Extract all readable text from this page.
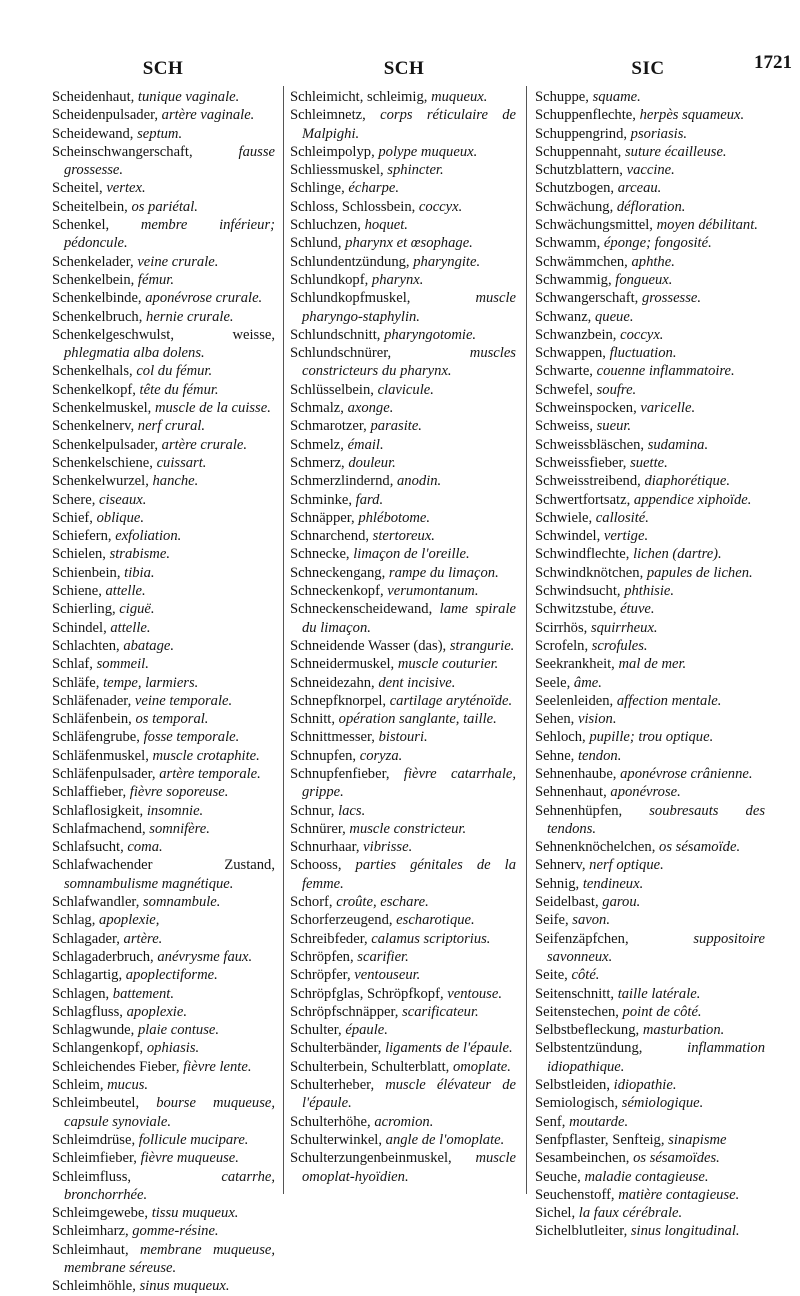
SCH	SCH	SIC	1721
Scheidenhaut, tunique vaginale.
Scheidenpulsader, artère vaginale.
Scheidewand, septum.
Scheinschwangerschaft, fausse grossesse.
Scheitel, vertex.
Scheitelbein, os pariétal.
Schenkel, membre inférieur; pédoncule.
Schenkelader, veine crurale.
Schenkelbein, fémur.
Schenkelbinde, aponévrose crurale.
Schenkelbruch, hernie crurale.
Schenkelgeschwulst, weisse, phlegmatia alba dolens.
Schenkelhals, col du fémur.
Schenkelkopf, tête du fémur.
Schenkelmuskel, muscle de la cuisse.
Schenkelnerv, nerf crural.
Schenkelpulsader, artère crurale.
Schenkelschiene, cuissart.
Schenkelwurzel, hanche.
Schere, ciseaux.
Schief, oblique.
Schiefern, exfoliation.
Schielen, strabisme.
Schienbein, tibia.
Schiene, attelle.
Schierling, ciguë.
Schindel, attelle.
Schlachten, abatage.
Schlaf, sommeil.
Schläfe, tempe, larmiers.
Schläfenader, veine temporale.
Schläfenbein, os temporal.
Schläfengrube, fosse temporale.
Schläfenmuskel, muscle crotaphite.
Schläfenpulsader, artère temporale.
Schlaffieber, fièvre soporeuse.
Schlaflosigkeit, insomnie.
Schlafmachend, somnifère.
Schlafsucht, coma.
Schlafwachender Zustand, somnambulisme magnétique.
Schlafwandler, somnambule.
Schlag, apoplexie,
Schlagader, artère.
Schlagaderbruch, anévrysme faux.
Schlagartig, apoplectiforme.
Schlagen, battement.
Schlagfluss, apoplexie.
Schlagwunde, plaie contuse.
Schlangenkopf, ophiasis.
Schleichendes Fieber, fièvre lente.
Schleim, mucus.
Schleimbeutel, bourse muqueuse, capsule synoviale.
Schleimdrüse, follicule mucipare.
Schleimfieber, fièvre muqueuse.
Schleimfluss, catarrhe, bronchorrhée.
Schleimgewebe, tissu muqueux.
Schleimharz, gomme-résine.
Schleimhaut, membrane muqueuse, membrane séreuse.
Schleimhöhle, sinus muqueux.
Schleimicht, schleimig, muqueux.
Schleimnetz, corps réticulaire de Malpighi.
Schleimpolyp, polype muqueux.
Schliessmuskel, sphincter.
Schlinge, écharpe.
Schloss, Schlossbein, coccyx.
Schluchzen, hoquet.
Schlund, pharynx et œsophage.
Schlundentzündung, pharyngite.
Schlundkopf, pharynx.
Schlundkopfmuskel, muscle pharyngo-staphylin.
Schlundschnitt, pharyngotomie.
Schlundschnürer, muscles constricteurs du pharynx.
Schlüsselbein, clavicule.
Schmalz, axonge.
Schmarotzer, parasite.
Schmelz, émail.
Schmerz, douleur.
Schmerzlindernd, anodin.
Schminke, fard.
Schnäpper, phlébotome.
Schnarchend, stertoreux.
Schnecke, limaçon de l'oreille.
Schneckengang, rampe du limaçon.
Schneckenkopf, verumontanum.
Schneckenscheidewand, lame spirale du limaçon.
Schneidende Wasser (das), strangurie.
Schneidermuskel, muscle couturier.
Schneidezahn, dent incisive.
Schnepfknorpel, cartilage aryténoïde.
Schnitt, opération sanglante, taille.
Schnittmesser, bistouri.
Schnupfen, coryza.
Schnupfenfieber, fièvre catarrhale, grippe.
Schnur, lacs.
Schnürer, muscle constricteur.
Schnurhaar, vibrisse.
Schooss, parties génitales de la femme.
Schorf, croûte, eschare.
Schorferzeugend, escharotique.
Schreibfeder, calamus scriptorius.
Schröpfen, scarifier.
Schröpfer, ventouseur.
Schröpfglas, Schröpfkopf, ventouse.
Schröpfschnäpper, scarificateur.
Schulter, épaule.
Schulterbänder, ligaments de l'épaule.
Schulterbein, Schulterblatt, omoplate.
Schulterheber, muscle élévateur de l'épaule.
Schulterhöhe, acromion.
Schulterwinkel, angle de l'omoplate.
Schulterzungenbeinmuskel, muscle omoplat-hyoïdien.
Schuppe, squame.
Schuppenflechte, herpès squameux.
Schuppengrind, psoriasis.
Schuppennaht, suture écailleuse.
Schutzblattern, vaccine.
Schutzbogen, arceau.
Schwächung, défloration.
Schwächungsmittel, moyen débilitant.
Schwamm, éponge; fongosité.
Schwämmchen, aphthe.
Schwammig, fongueux.
Schwangerschaft, grossesse.
Schwanz, queue.
Schwanzbein, coccyx.
Schwappen, fluctuation.
Schwarte, couenne inflammatoire.
Schwefel, soufre.
Schweinspocken, varicelle.
Schweiss, sueur.
Schweissbläschen, sudamina.
Schweissfieber, suette.
Schweisstreibend, diaphorétique.
Schwertfortsatz, appendice xiphoïde.
Schwiele, callosité.
Schwindel, vertige.
Schwindflechte, lichen (dartre).
Schwindknötchen, papules de lichen.
Schwindsucht, phthisie.
Schwitzstube, étuve.
Scirrhös, squirrheux.
Scrofeln, scrofules.
Seekrankheit, mal de mer.
Seele, âme.
Seelenleiden, affection mentale.
Sehen, vision.
Sehloch, pupille; trou optique.
Sehne, tendon.
Sehnenhaube, aponévrose crânienne.
Sehnenhaut, aponévrose.
Sehnenhüpfen, soubresauts des tendons.
Sehnenknöchelchen, os sésamoïde.
Sehnerv, nerf optique.
Sehnig, tendineux.
Seidelbast, garou.
Seife, savon.
Seifenzäpfchen, suppositoire savonneux.
Seite, côté.
Seitenschnitt, taille latérale.
Seitenstechen, point de côté.
Selbstbefleckung, masturbation.
Selbstentzündung, inflammation idiopathique.
Selbstleiden, idiopathie.
Semiologisch, sémiologique.
Senf, moutarde.
Senfpflaster, Senfteig, sinapisme
Sesambeinchen, os sésamoïdes.
Seuche, maladie contagieuse.
Seuchenstoff, matière contagieuse.
Sichel, la faux cérébrale.
Sichelblutleiter, sinus longitudinal.
